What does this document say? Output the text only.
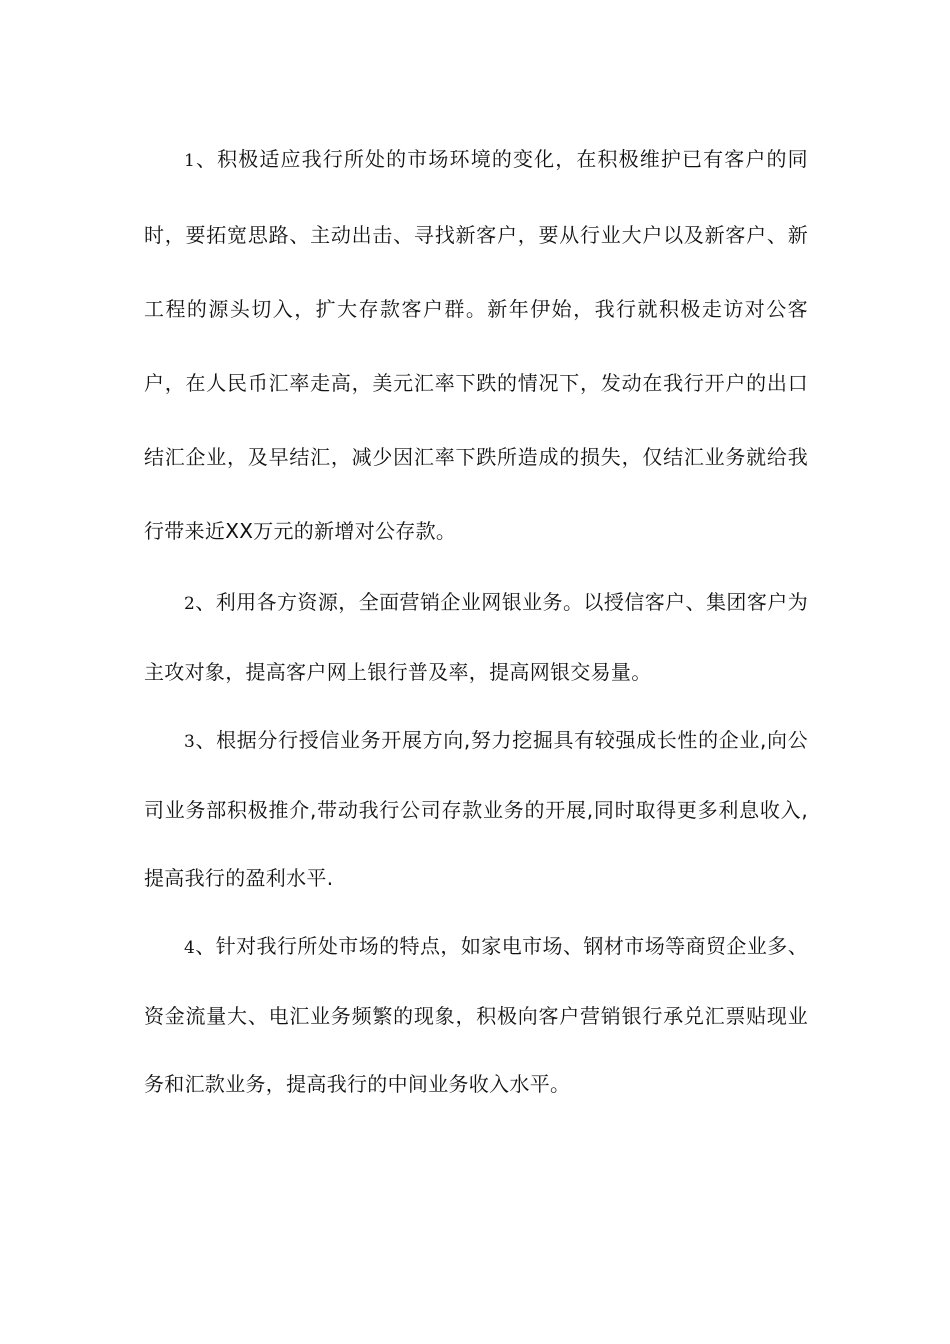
1、积极适应我行所处的市场环境的变化，在积极维护已有客户的同时，要拓宽思路、主动出击、寻找新客户，要从行业大户以及新客户、新工程的源头切入，扩大存款客户群。新年伊始，我行就积极走访对公客户，在人民币汇率走高，美元汇率下跌的情况下，发动在我行开户的出口结汇企业，及早结汇，减少因汇率下跌所造成的损失，仅结汇业务就给我行带来近XX万元的新增对公存款。

2、利用各方资源，全面营销企业网银业务。以授信客户、集团客户为主攻对象，提高客户网上银行普及率，提高网银交易量。

3、根据分行授信业务开展方向,努力挖掘具有较强成长性的企业,向公司业务部积极推介,带动我行公司存款业务的开展,同时取得更多利息收入,提高我行的盈利水平.

4、针对我行所处市场的特点，如家电市场、钢材市场等商贸企业多、资金流量大、电汇业务频繁的现象，积极向客户营销银行承兑汇票贴现业务和汇款业务，提高我行的中间业务收入水平。
